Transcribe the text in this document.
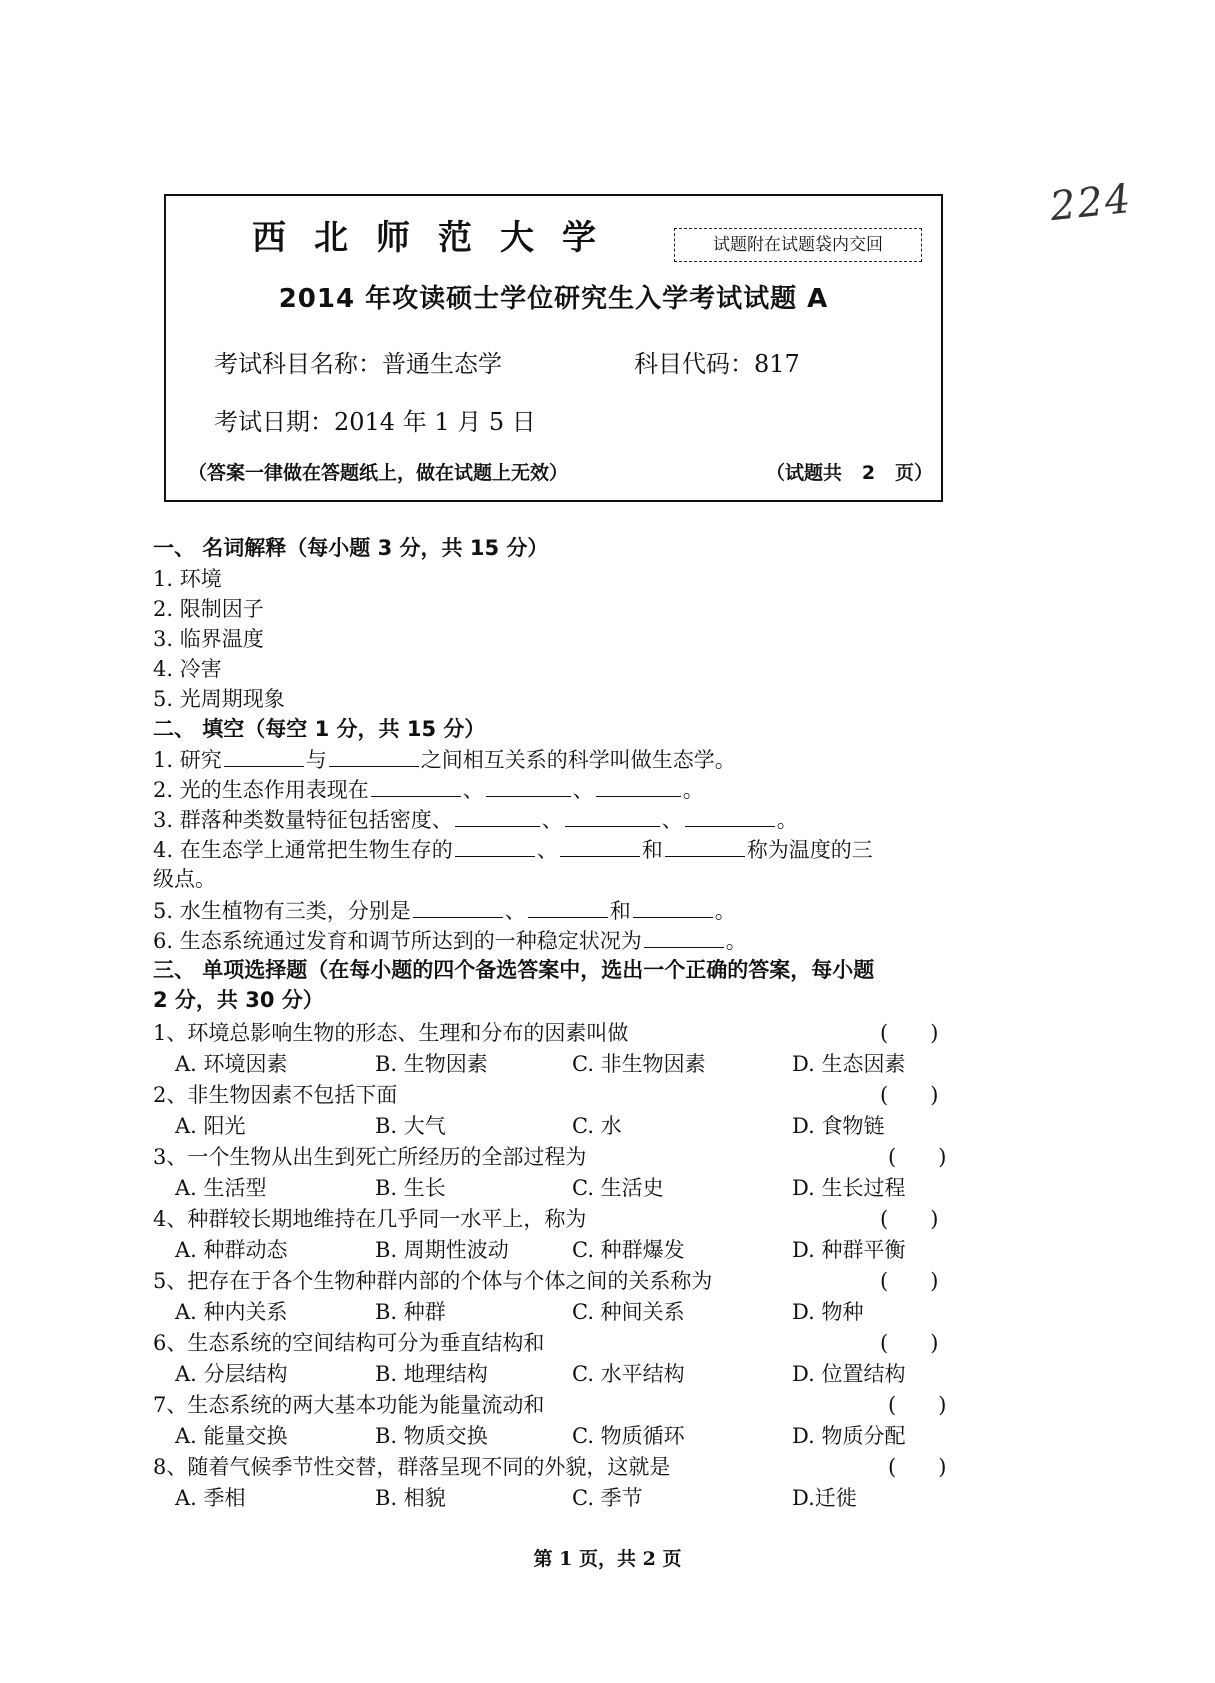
224
西北师范大学	试题附在试题袋内交回
2014 年攻读硕士学位研究生入学考试试题 A
考试科目名称：普通生态学	科目代码：817
考试日期：2014 年 1 月 5 日
（答案一律做在答题纸上，做在试题上无效）	（试题共 2 页）
一、 名词解释（每小题 3 分，共 15 分）
1. 环境
2. 限制因子
3. 临界温度
4. 冷害
5. 光周期现象
二、 填空（每空 1 分，共 15 分）
1. 研究	与	之间相互关系的科学叫做生态学。
2. 光的生态作用表现在	、	、	。
3. 群落种类数量特征包括密度、	、	、	。
4. 在生态学上通常把生物生存的	、	和	称为温度的三
级点。
5. 水生植物有三类，分别是	、	和	。
6. 生态系统通过发育和调节所达到的一种稳定状况为	。
三、 单项选择题（在每小题的四个备选答案中，选出一个正确的答案，每小题
2 分，共 30 分）
1、环境总影响生物的形态、生理和分布的因素叫做	(　　)
A. 环境因素	B. 生物因素	C. 非生物因素	D. 生态因素
2、非生物因素不包括下面	(　　)
A. 阳光	B. 大气	C. 水	D. 食物链
3、一个生物从出生到死亡所经历的全部过程为	(　　)
A. 生活型	B. 生长	C. 生活史	D. 生长过程
4、种群较长期地维持在几乎同一水平上，称为	(　　)
A. 种群动态	B. 周期性波动	C. 种群爆发	D. 种群平衡
5、把存在于各个生物种群内部的个体与个体之间的关系称为	(　　)
A. 种内关系	B. 种群	C. 种间关系	D. 物种
6、生态系统的空间结构可分为垂直结构和	(　　)
A. 分层结构	B. 地理结构	C. 水平结构	D. 位置结构
7、生态系统的两大基本功能为能量流动和	(　　)
A. 能量交换	B. 物质交换	C. 物质循环	D. 物质分配
8、随着气候季节性交替，群落呈现不同的外貌，这就是	(　　)
A. 季相	B. 相貌	C. 季节	D.迁徙
第 1 页，共 2 页
